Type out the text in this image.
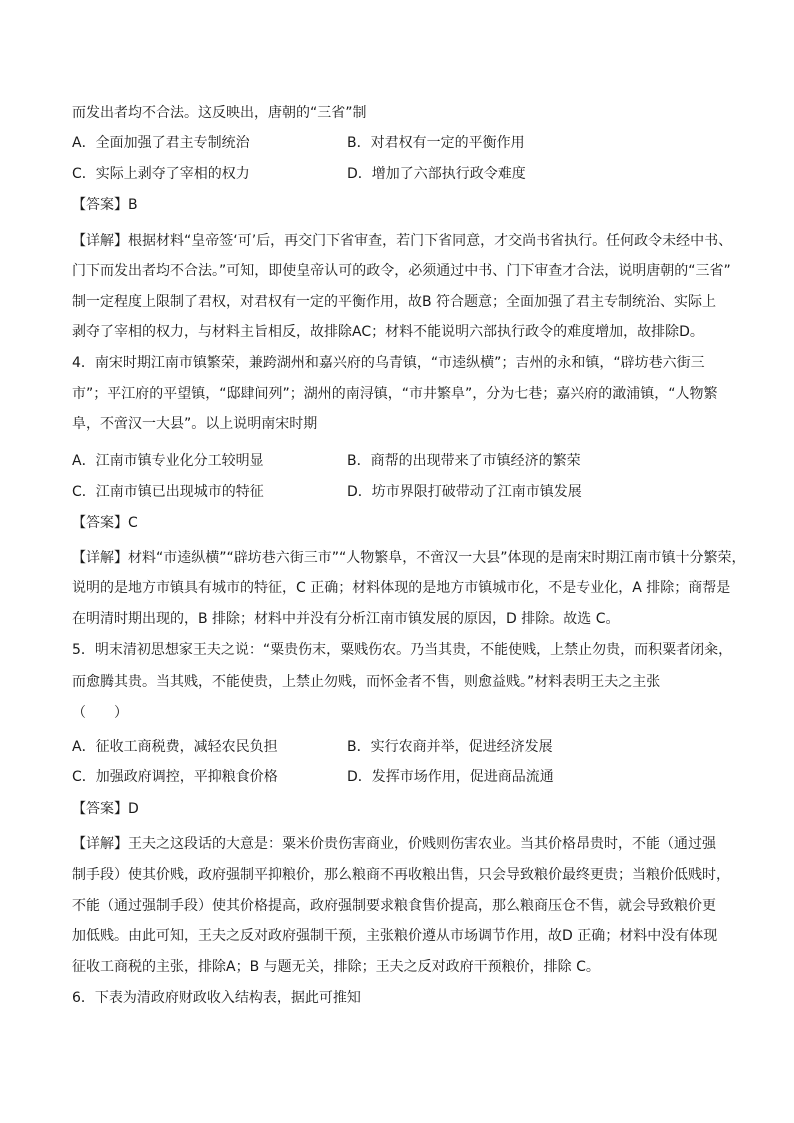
而发出者均不合法。这反映出，唐朝的“三省”制
A．全面加强了君主专制统治	B．对君权有一定的平衡作用
C．实际上剥夺了宰相的权力	D．增加了六部执行政令难度
【答案】B
【详解】根据材料“皇帝签‘可’后，再交门下省审查，若门下省同意，才交尚书省执行。任何政令未经中书、
门下而发出者均不合法。”可知，即使皇帝认可的政令，必须通过中书、门下审查才合法，说明唐朝的“三省”
制一定程度上限制了君权，对君权有一定的平衡作用，故B 符合题意；全面加强了君主专制统治、实际上
剥夺了宰相的权力，与材料主旨相反，故排除AC；材料不能说明六部执行政令的难度增加，故排除D。
4．南宋时期江南市镇繁荣，兼跨湖州和嘉兴府的乌青镇，“市逵纵横”；吉州的永和镇，“辟坊巷六街三
市”；平江府的平望镇，“邸肆间列”；湖州的南浔镇，“市井繁阜”，分为七巷；嘉兴府的澉浦镇，“人物繁
阜，不啻汉一大县”。以上说明南宋时期
A．江南市镇专业化分工较明显	B．商帮的出现带来了市镇经济的繁荣
C．江南市镇已出现城市的特征	D．坊市界限打破带动了江南市镇发展
【答案】C
【详解】材料“市逵纵横”“辟坊巷六街三市”“人物繁阜，不啻汉一大县”体现的是南宋时期江南市镇十分繁荣，
说明的是地方市镇具有城市的特征，C 正确；材料体现的是地方市镇城市化，不是专业化，A 排除；商帮是
在明清时期出现的，B 排除；材料中并没有分析江南市镇发展的原因，D 排除。故选 C。
5．明末清初思想家王夫之说：“粟贵伤末，粟贱伤农。乃当其贵，不能使贱，上禁止勿贵，而积粟者闭籴，
而愈腾其贵。当其贱，不能使贵，上禁止勿贱，而怀金者不售，则愈益贱。”材料表明王夫之主张
（　　）
A．征收工商税费，减轻农民负担	B．实行农商并举，促进经济发展
C．加强政府调控，平抑粮食价格	D．发挥市场作用，促进商品流通
【答案】D
【详解】王夫之这段话的大意是：粟米价贵伤害商业，价贱则伤害农业。当其价格昂贵时，不能（通过强
制手段）使其价贱，政府强制平抑粮价，那么粮商不再收粮出售，只会导致粮价最终更贵；当粮价低贱时，
不能（通过强制手段）使其价格提高，政府强制要求粮食售价提高，那么粮商压仓不售，就会导致粮价更
加低贱。由此可知，王夫之反对政府强制干预，主张粮价遵从市场调节作用，故D 正确；材料中没有体现
征收工商税的主张，排除A；B 与题无关，排除；王夫之反对政府干预粮价，排除 C。
6．下表为清政府财政收入结构表，据此可推知
